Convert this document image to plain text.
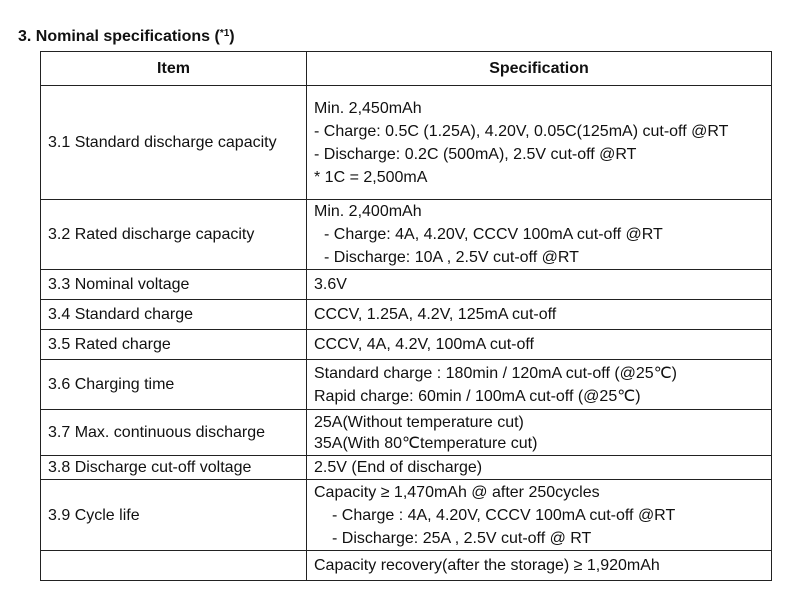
3. Nominal specifications ($^{*1}$)
Item	Specification
3.1 Standard discharge capacity	Min. 2,450mAh
- Charge: 0.5C (1.25A), 4.20V, 0.05C(125mA) cut-off @RT
- Discharge: 0.2C (500mA), 2.5V cut-off @RT
* 1C = 2,500mA

3.2 Rated discharge capacity	Min. 2,400mAh
- Charge: 4A, 4.20V, CCCV 100mA cut-off @RT
- Discharge: 10A , 2.5V cut-off @RT

3.3 Nominal voltage	3.6V

3.4 Standard charge	CCCV, 1.25A, 4.2V, 125mA cut-off

3.5 Rated charge	CCCV, 4A, 4.2V, 100mA cut-off

3.6 Charging time	Standard charge : 180min / 120mA cut-off (@25℃)
Rapid charge: 60min / 100mA cut-off (@25℃)

3.7 Max. continuous discharge	25A(Without temperature cut)
35A(With 80℃temperature cut)

3.8 Discharge cut-off voltage	2.5V (End of discharge)

3.9 Cycle life	Capacity ≥ 1,470mAh @ after 250cycles
- Charge : 4A, 4.20V, CCCV 100mA cut-off @RT
- Discharge: 25A , 2.5V cut-off @ RT

	Capacity recovery(after the storage) ≥ 1,920mAh
